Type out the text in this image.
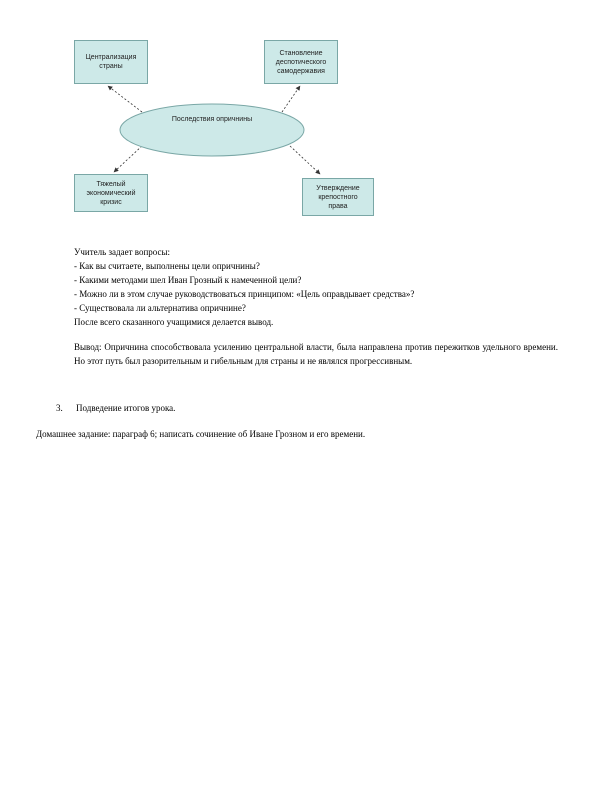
Последствия опричнины
Централизация
страны
Становление
деспотического
самодержавия
Тяжелый
экономический
кризис
Утверждение
крепостного
права
Учитель задает вопросы:
- Как вы считаете, выполнены цели опричнины?
- Какими методами шел Иван Грозный к намеченной цели?
- Можно ли в этом случае руководствоваться принципом: «Цель оправдывает средства»?
- Существовала ли альтернатива опричнине?
После всего сказанного учащимися делается вывод.
Вывод: Опричнина способствовала усилению центральной власти, была направлена против пережитков удельного времени. Но этот путь был разорительным и гибельным для страны и не являлся прогрессивным.
3. Подведение итогов урока.
Домашнее задание: параграф 6; написать сочинение об Иване Грозном и его времени.
